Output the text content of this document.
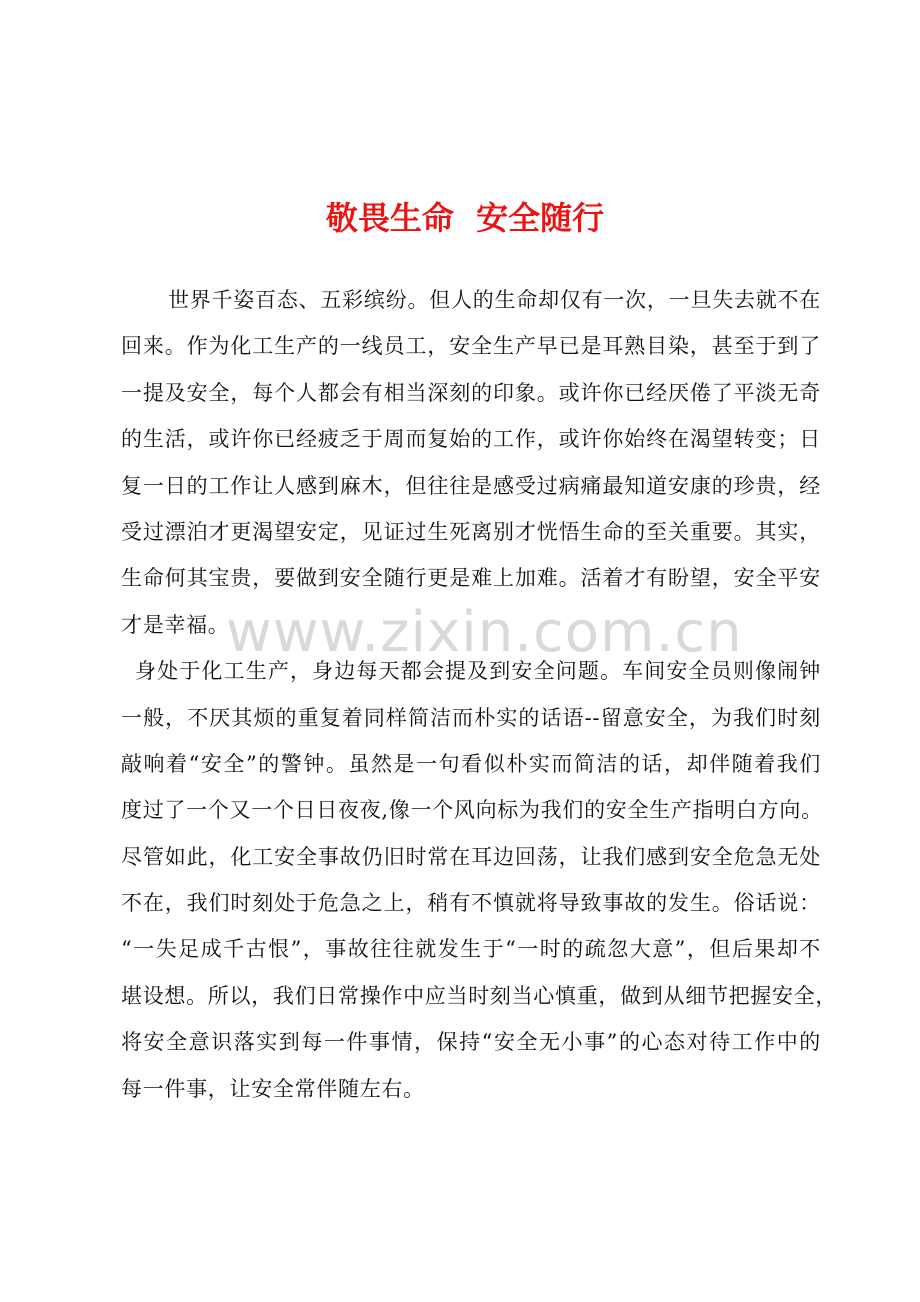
敬畏生命  安全随行
www.zixin.com.cn
世界千姿百态、五彩缤纷。但人的生命却仅有一次，一旦失去就不在
回来。作为化工生产的一线员工，安全生产早已是耳熟目染，甚至于到了
一提及安全，每个人都会有相当深刻的印象。或许你已经厌倦了平淡无奇
的生活，或许你已经疲乏于周而复始的工作，或许你始终在渴望转变；日
复一日的工作让人感到麻木，但往往是感受过病痛最知道安康的珍贵，经
受过漂泊才更渴望安定，见证过生死离别才恍悟生命的至关重要。其实，
生命何其宝贵，要做到安全随行更是难上加难。活着才有盼望，安全平安
才是幸福。
身处于化工生产，身边每天都会提及到安全问题。车间安全员则像闹钟
一般，不厌其烦的重复着同样简洁而朴实的话语--留意安全，为我们时刻
敲响着“安全”的警钟。虽然是一句看似朴实而简洁的话，却伴随着我们
度过了一个又一个日日夜夜,像一个风向标为我们的安全生产指明白方向。
尽管如此，化工安全事故仍旧时常在耳边回荡，让我们感到安全危急无处
不在，我们时刻处于危急之上，稍有不慎就将导致事故的发生。俗话说：
“一失足成千古恨”，事故往往就发生于“一时的疏忽大意”，但后果却不
堪设想。所以，我们日常操作中应当时刻当心慎重，做到从细节把握安全，
将安全意识落实到每一件事情，保持“安全无小事”的心态对待工作中的
每一件事，让安全常伴随左右。
